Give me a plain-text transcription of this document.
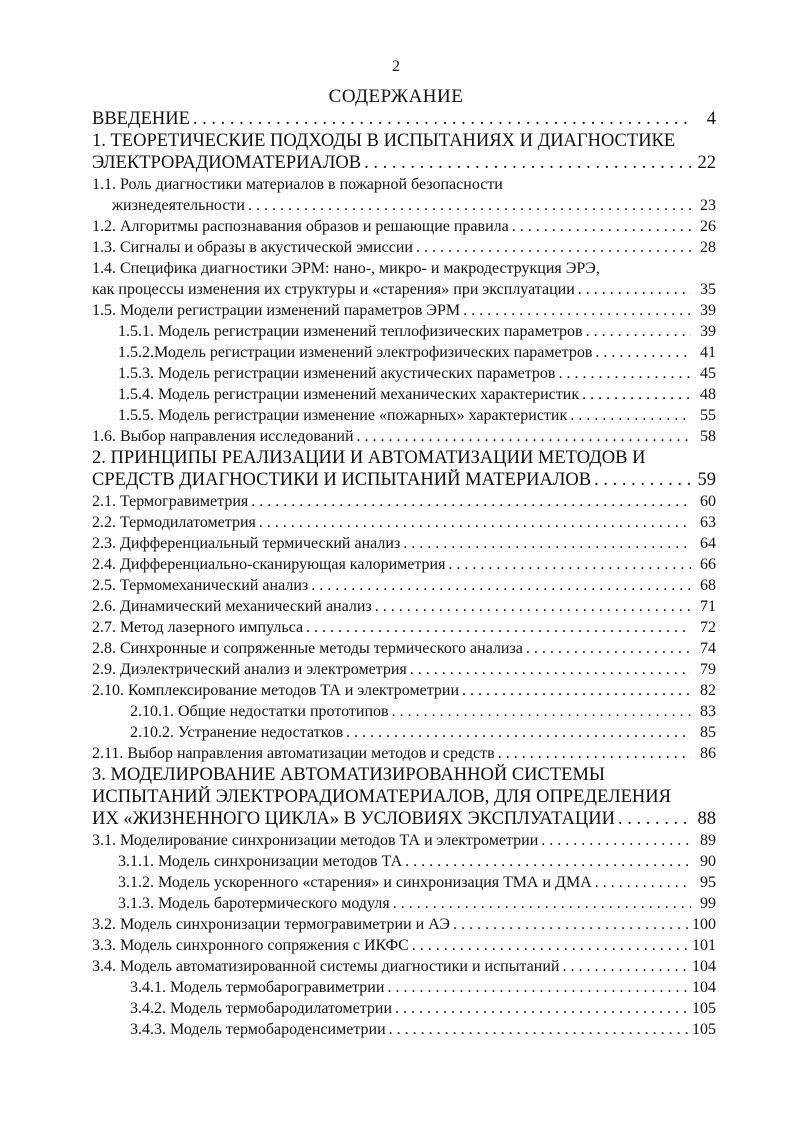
2
СОДЕРЖАНИЕ
ВВЕДЕНИЕ . . .	4
1. ТЕОРЕТИЧЕСКИЕ ПОДХОДЫ В ИСПЫТАНИЯХ И ДИАГНОСТИКЕ
ЭЛЕКТРОРАДИОМАТЕРИАЛОВ . . .	22
1.1. Роль диагностики материалов в пожарной безопасности
жизнедеятельности . . .	23
1.2. Алгоритмы распознавания образов и решающие правила . . .	26
1.3. Сигналы и образы в акустической эмиссии . . .	28
1.4. Специфика диагностики ЭРМ: нано-, микро- и макродеструкция ЭРЭ,
как процессы изменения их структуры и «старения» при эксплуатации . . .	35
1.5. Модели регистрации изменений параметров ЭРМ . . .	39
1.5.1. Модель регистрации изменений теплофизических параметров . . .	39
1.5.2.Модель регистрации изменений электрофизических параметров . . .	41
1.5.3. Модель регистрации изменений акустических параметров . . .	45
1.5.4. Модель регистрации изменений механических характеристик . . .	48
1.5.5. Модель регистрации изменение «пожарных» характеристик . . .	55
1.6. Выбор направления исследований . . .	58
2. ПРИНЦИПЫ РЕАЛИЗАЦИИ И АВТОМАТИЗАЦИИ МЕТОДОВ И
СРЕДСТВ ДИАГНОСТИКИ И ИСПЫТАНИЙ МАТЕРИАЛОВ . . .	59
2.1. Термогравиметрия . . .	60
2.2. Термодилатометрия . . .	63
2.3. Дифференциальный термический анализ . . .	64
2.4. Дифференциально-сканирующая калориметрия . . .	66
2.5. Термомеханический анализ . . .	68
2.6. Динамический механический анализ . . .	71
2.7. Метод лазерного импульса . . .	72
2.8. Синхронные и сопряженные методы термического анализа . . .	74
2.9. Диэлектрический анализ и электрометрия . . .	79
2.10. Комплексирование методов ТА и электрометрии . . .	82
2.10.1. Общие недостатки прототипов . . .	83
2.10.2. Устранение недостатков . . .	85
2.11. Выбор направления автоматизации методов и средств . . .	86
3. МОДЕЛИРОВАНИЕ АВТОМАТИЗИРОВАННОЙ СИСТЕМЫ
ИСПЫТАНИЙ ЭЛЕКТРОРАДИОМАТЕРИАЛОВ, ДЛЯ ОПРЕДЕЛЕНИЯ
ИХ «ЖИЗНЕННОГО ЦИКЛА» В УСЛОВИЯХ ЭКСПЛУАТАЦИИ . . .	88
3.1. Моделирование синхронизации методов ТА и электрометрии . . .	89
3.1.1. Модель синхронизации методов ТА . . .	90
3.1.2. Модель ускоренного «старения» и синхронизация ТМА и ДМА . . .	95
3.1.3. Модель баротермического модуля . . .	99
3.2. Модель синхронизации термогравиметрии и АЭ . . .	100
3.3. Модель синхронного сопряжения с ИКФС . . .	101
3.4. Модель автоматизированной системы диагностики и испытаний . . .	104
3.4.1. Модель термобарогравиметрии . . .	104
3.4.2. Модель термобародилатометрии . . .	105
3.4.3. Модель термобароденсиметрии . . .	105
